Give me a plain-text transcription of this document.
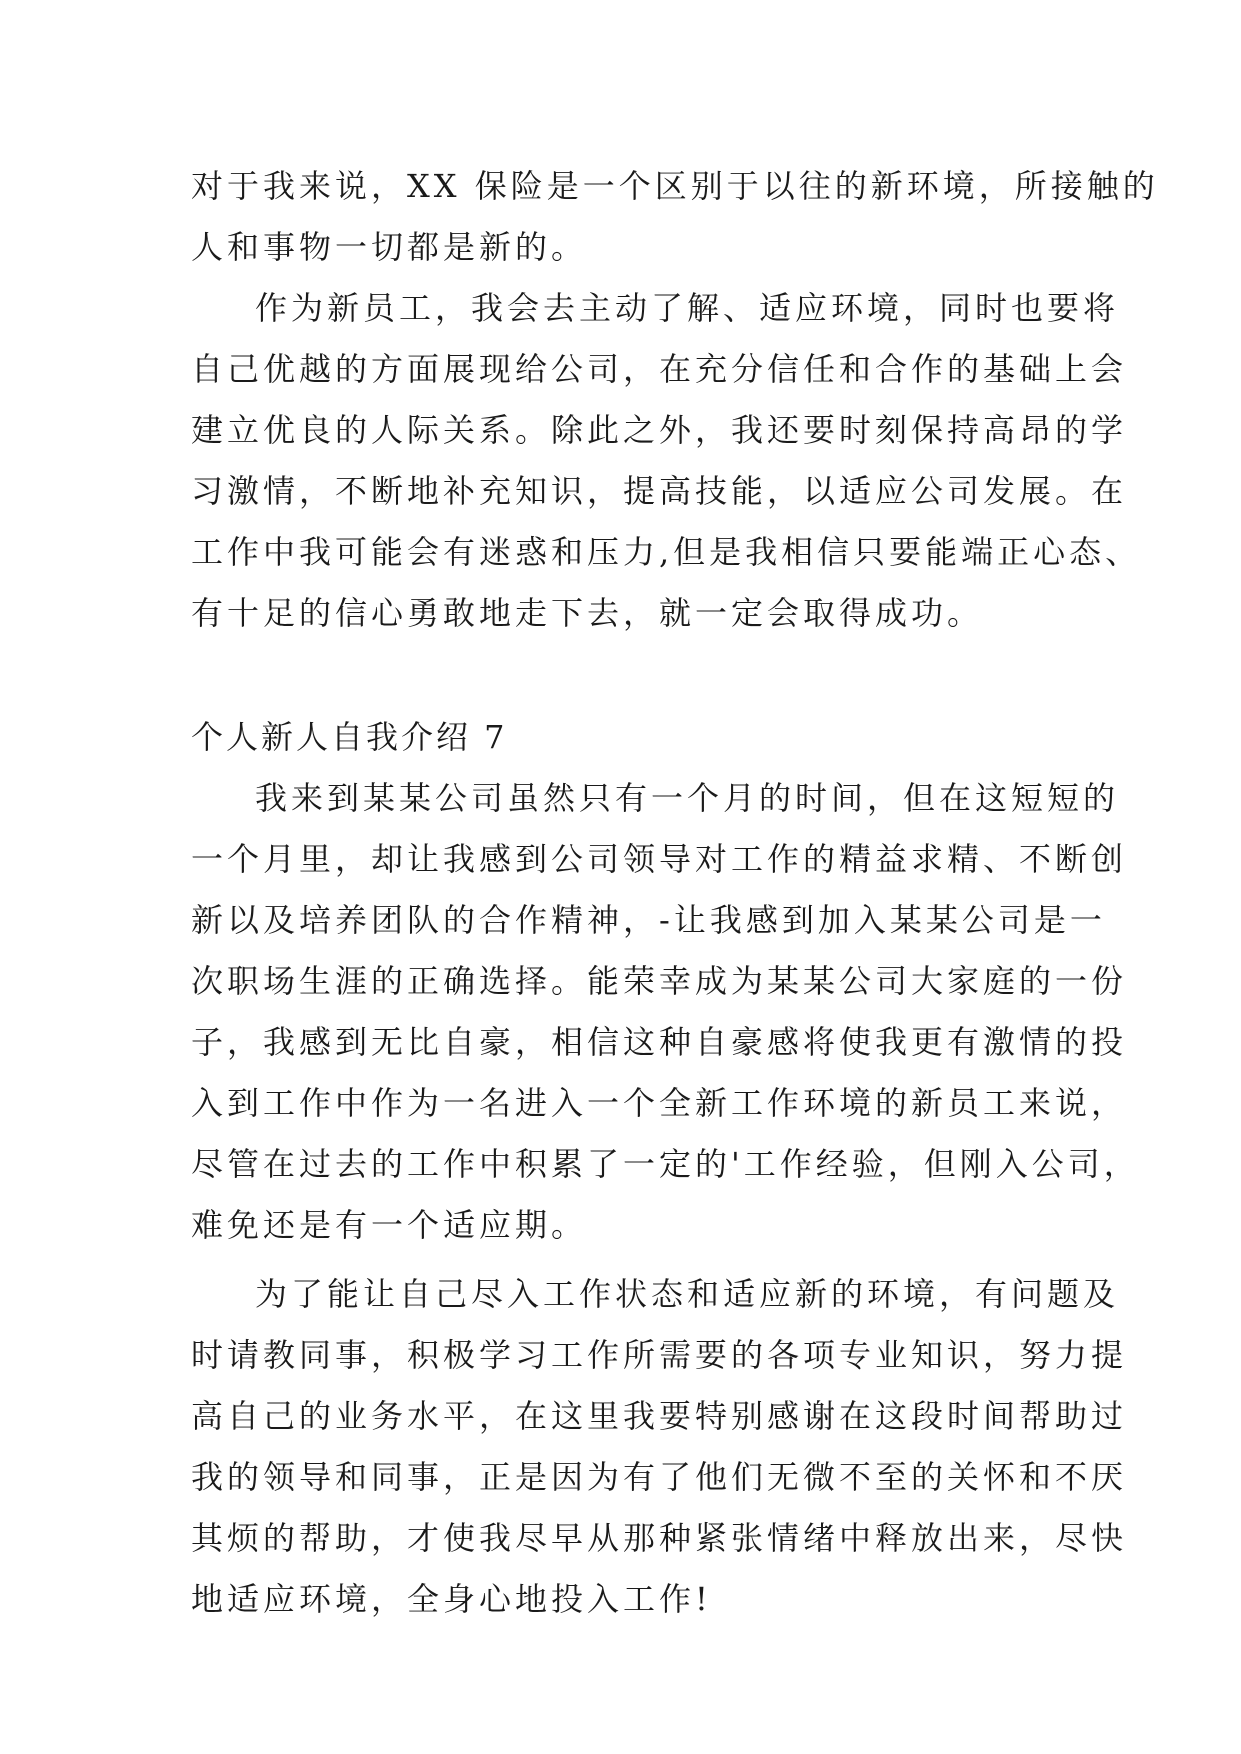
对于我来说，XX 保险是一个区别于以往的新环境，所接触的
人和事物一切都是新的。
作为新员工，我会去主动了解、适应环境，同时也要将
自己优越的方面展现给公司，在充分信任和合作的基础上会
建立优良的人际关系。除此之外，我还要时刻保持高昂的学
习激情，不断地补充知识，提高技能，以适应公司发展。在
工作中我可能会有迷惑和压力,但是我相信只要能端正心态、
有十足的信心勇敢地走下去，就一定会取得成功。
个人新人自我介绍 7
我来到某某公司虽然只有一个月的时间，但在这短短的
一个月里，却让我感到公司领导对工作的精益求精、不断创
新以及培养团队的合作精神，-让我感到加入某某公司是一
次职场生涯的正确选择。能荣幸成为某某公司大家庭的一份
子，我感到无比自豪，相信这种自豪感将使我更有激情的投
入到工作中作为一名进入一个全新工作环境的新员工来说，
尽管在过去的工作中积累了一定的'工作经验，但刚入公司，
难免还是有一个适应期。
为了能让自己尽入工作状态和适应新的环境，有问题及
时请教同事，积极学习工作所需要的各项专业知识，努力提
高自己的业务水平，在这里我要特别感谢在这段时间帮助过
我的领导和同事，正是因为有了他们无微不至的关怀和不厌
其烦的帮助，才使我尽早从那种紧张情绪中释放出来，尽快
地适应环境，全身心地投入工作!
